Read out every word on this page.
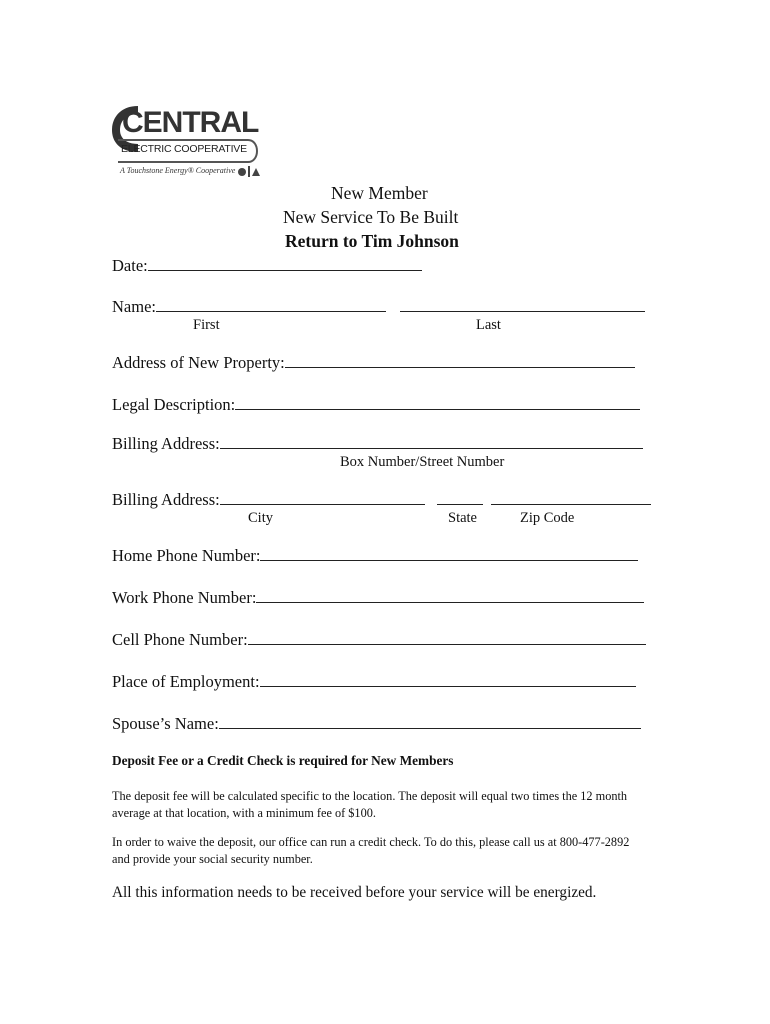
CENTRAL
ELECTRIC COOPERATIVE
A Touchstone Energy® Cooperative
New Member
New Service To Be Built
Return to Tim Johnson
Date:
Name:
First	Last
Address of New Property:
Legal Description:
Billing Address:
Box Number/Street Number
Billing Address:
City	State	Zip Code
Home Phone Number:
Work Phone Number:
Cell Phone Number:
Place of Employment:
Spouse’s Name:
Deposit Fee or a Credit Check is required for New Members
The deposit fee will be calculated specific to the location. The deposit will equal two times the 12 month average at that location, with a minimum fee of $100.
In order to waive the deposit, our office can run a credit check. To do this, please call us at 800-477-2892 and provide your social security number.
All this information needs to be received before your service will be energized.
